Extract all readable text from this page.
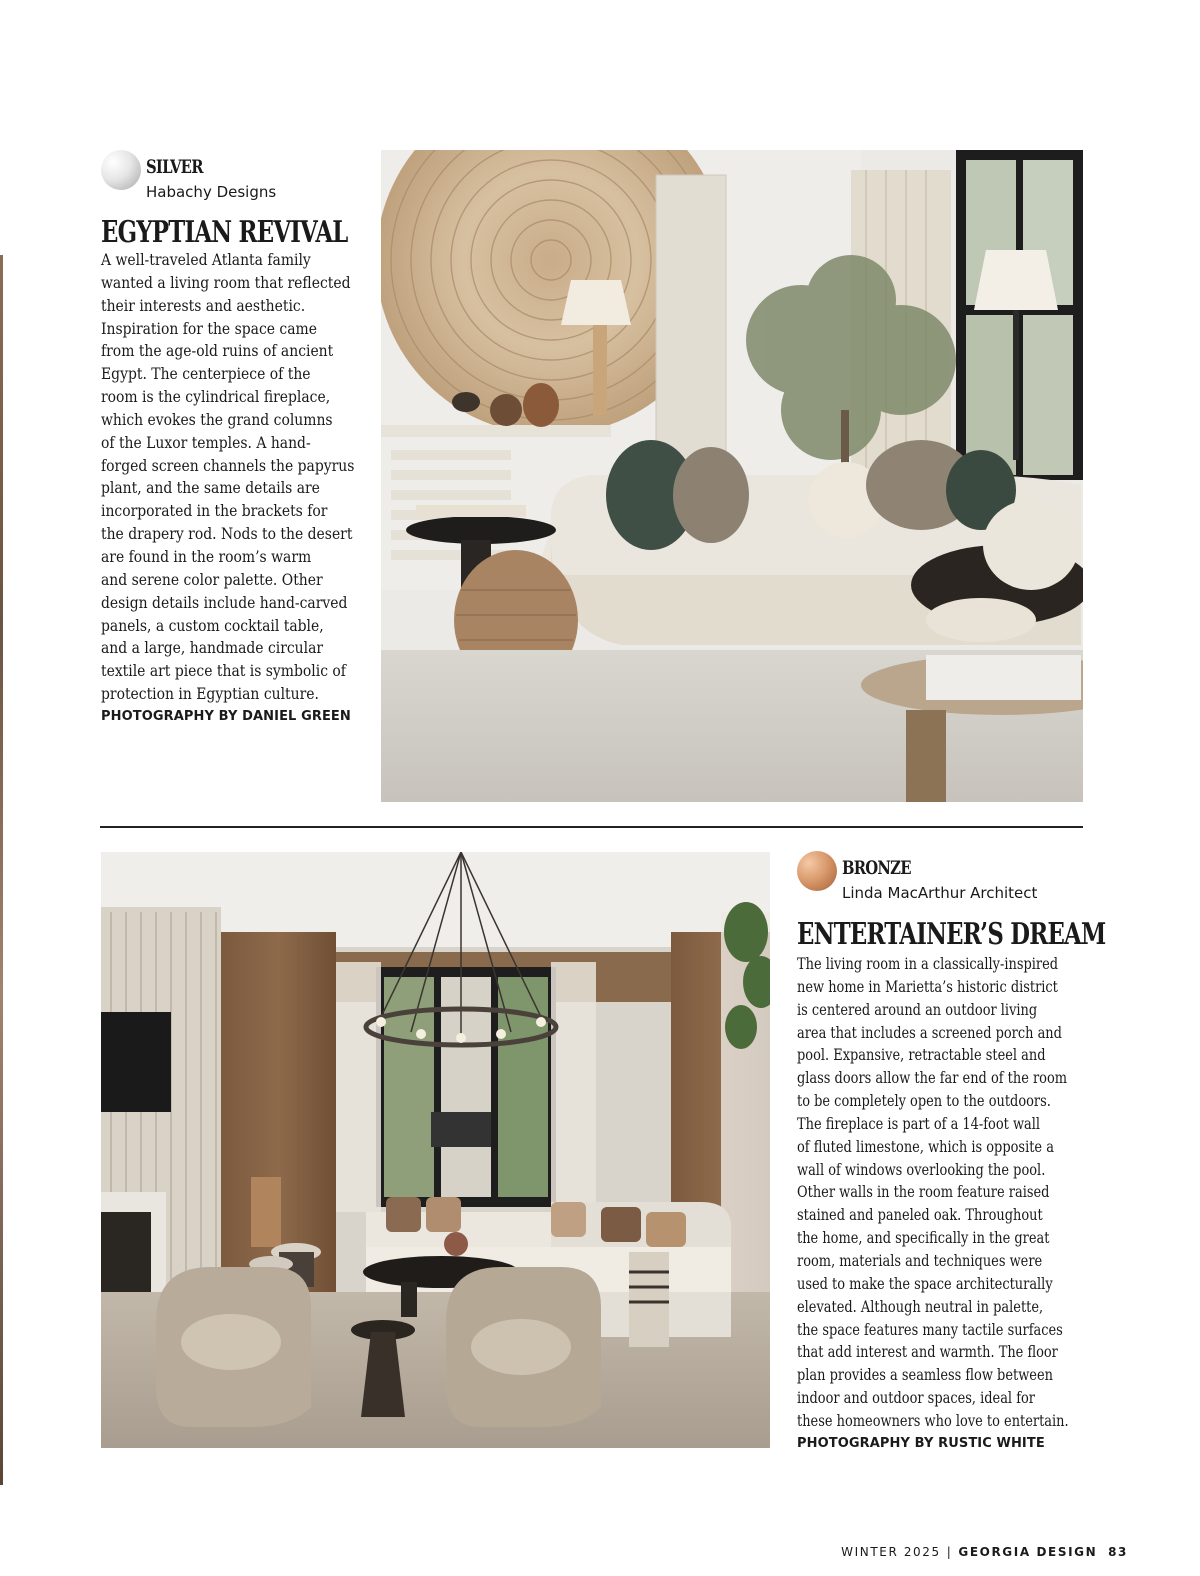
SILVER
Habachy Designs
EGYPTIAN REVIVAL
A well-traveled Atlanta family
wanted a living room that reflected
their interests and aesthetic.
Inspiration for the space came
from the age-old ruins of ancient
Egypt. The centerpiece of the
room is the cylindrical fireplace,
which evokes the grand columns
of the Luxor temples. A hand-
forged screen channels the papyrus
plant, and the same details are
incorporated in the brackets for
the drapery rod. Nods to the desert
are found in the room’s warm
and serene color palette. Other
design details include hand-carved
panels, a custom cocktail table,
and a large, handmade circular
textile art piece that is symbolic of
protection in Egyptian culture.
PHOTOGRAPHY BY DANIEL GREEN
BRONZE
Linda MacArthur Architect
ENTERTAINER’S DREAM
The living room in a classically-inspired
new home in Marietta’s historic district
is centered around an outdoor living
area that includes a screened porch and
pool. Expansive, retractable steel and
glass doors allow the far end of the room
to be completely open to the outdoors.
The fireplace is part of a 14-foot wall
of fluted limestone, which is opposite a
wall of windows overlooking the pool.
Other walls in the room feature raised
stained and paneled oak. Throughout
the home, and specifically in the great
room, materials and techniques were
used to make the space architecturally
elevated. Although neutral in palette,
the space features many tactile surfaces
that add interest and warmth. The floor
plan provides a seamless flow between
indoor and outdoor spaces, ideal for
these homeowners who love to entertain.
PHOTOGRAPHY BY RUSTIC WHITE
WINTER 2025 | GEORGIA DESIGN 83
